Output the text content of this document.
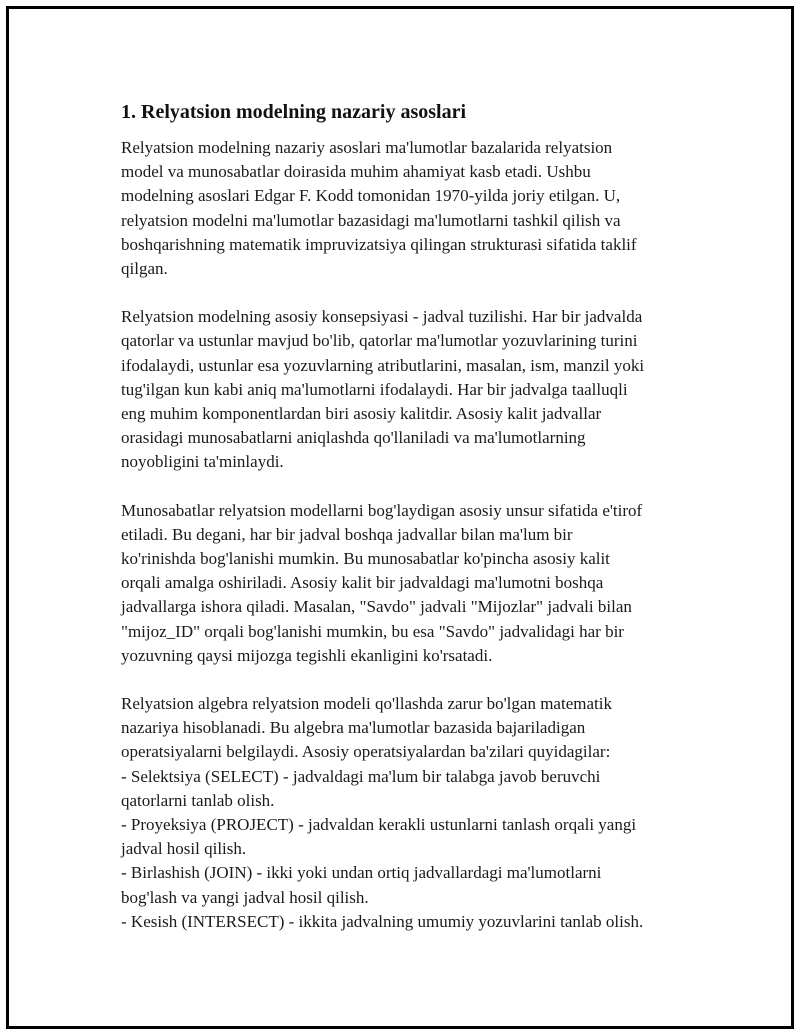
1. Relyatsion modelning nazariy asoslari

Relyatsion modelning nazariy asoslari ma'lumotlar bazalarida relyatsion
model va munosabatlar doirasida muhim ahamiyat kasb etadi. Ushbu
modelning asoslari Edgar F. Kodd tomonidan 1970-yilda joriy etilgan. U,
relyatsion modelni ma'lumotlar bazasidagi ma'lumotlarni tashkil qilish va
boshqarishning matematik impruvizatsiya qilingan strukturasi sifatida taklif
qilgan.

Relyatsion modelning asosiy konsepsiyasi - jadval tuzilishi. Har bir jadvalda
qatorlar va ustunlar mavjud bo'lib, qatorlar ma'lumotlar yozuvlarining turini
ifodalaydi, ustunlar esa yozuvlarning atributlarini, masalan, ism, manzil yoki
tug'ilgan kun kabi aniq ma'lumotlarni ifodalaydi. Har bir jadvalga taalluqli
eng muhim komponentlardan biri asosiy kalitdir. Asosiy kalit jadvallar
orasidagi munosabatlarni aniqlashda qo'llaniladi va ma'lumotlarning
noyobligini ta'minlaydi.

Munosabatlar relyatsion modellarni bog'laydigan asosiy unsur sifatida e'tirof
etiladi. Bu degani, har bir jadval boshqa jadvallar bilan ma'lum bir
ko'rinishda bog'lanishi mumkin. Bu munosabatlar ko'pincha asosiy kalit
orqali amalga oshiriladi. Asosiy kalit bir jadvaldagi ma'lumotni boshqa
jadvallarga ishora qiladi. Masalan, "Savdo" jadvali "Mijozlar" jadvali bilan
"mijoz_ID" orqali bog'lanishi mumkin, bu esa "Savdo" jadvalidagi har bir
yozuvning qaysi mijozga tegishli ekanligini ko'rsatadi.

Relyatsion algebra relyatsion modeli qo'llashda zarur bo'lgan matematik
nazariya hisoblanadi. Bu algebra ma'lumotlar bazasida bajariladigan
operatsiyalarni belgilaydi. Asosiy operatsiyalardan ba'zilari quyidagilar:
- Selektsiya (SELECT) - jadvaldagi ma'lum bir talabga javob beruvchi
qatorlarni tanlab olish.
- Proyeksiya (PROJECT) - jadvaldan kerakli ustunlarni tanlash orqali yangi
jadval hosil qilish.
- Birlashish (JOIN) - ikki yoki undan ortiq jadvallardagi ma'lumotlarni
bog'lash va yangi jadval hosil qilish.
- Kesish (INTERSECT) - ikkita jadvalning umumiy yozuvlarini tanlab olish.
